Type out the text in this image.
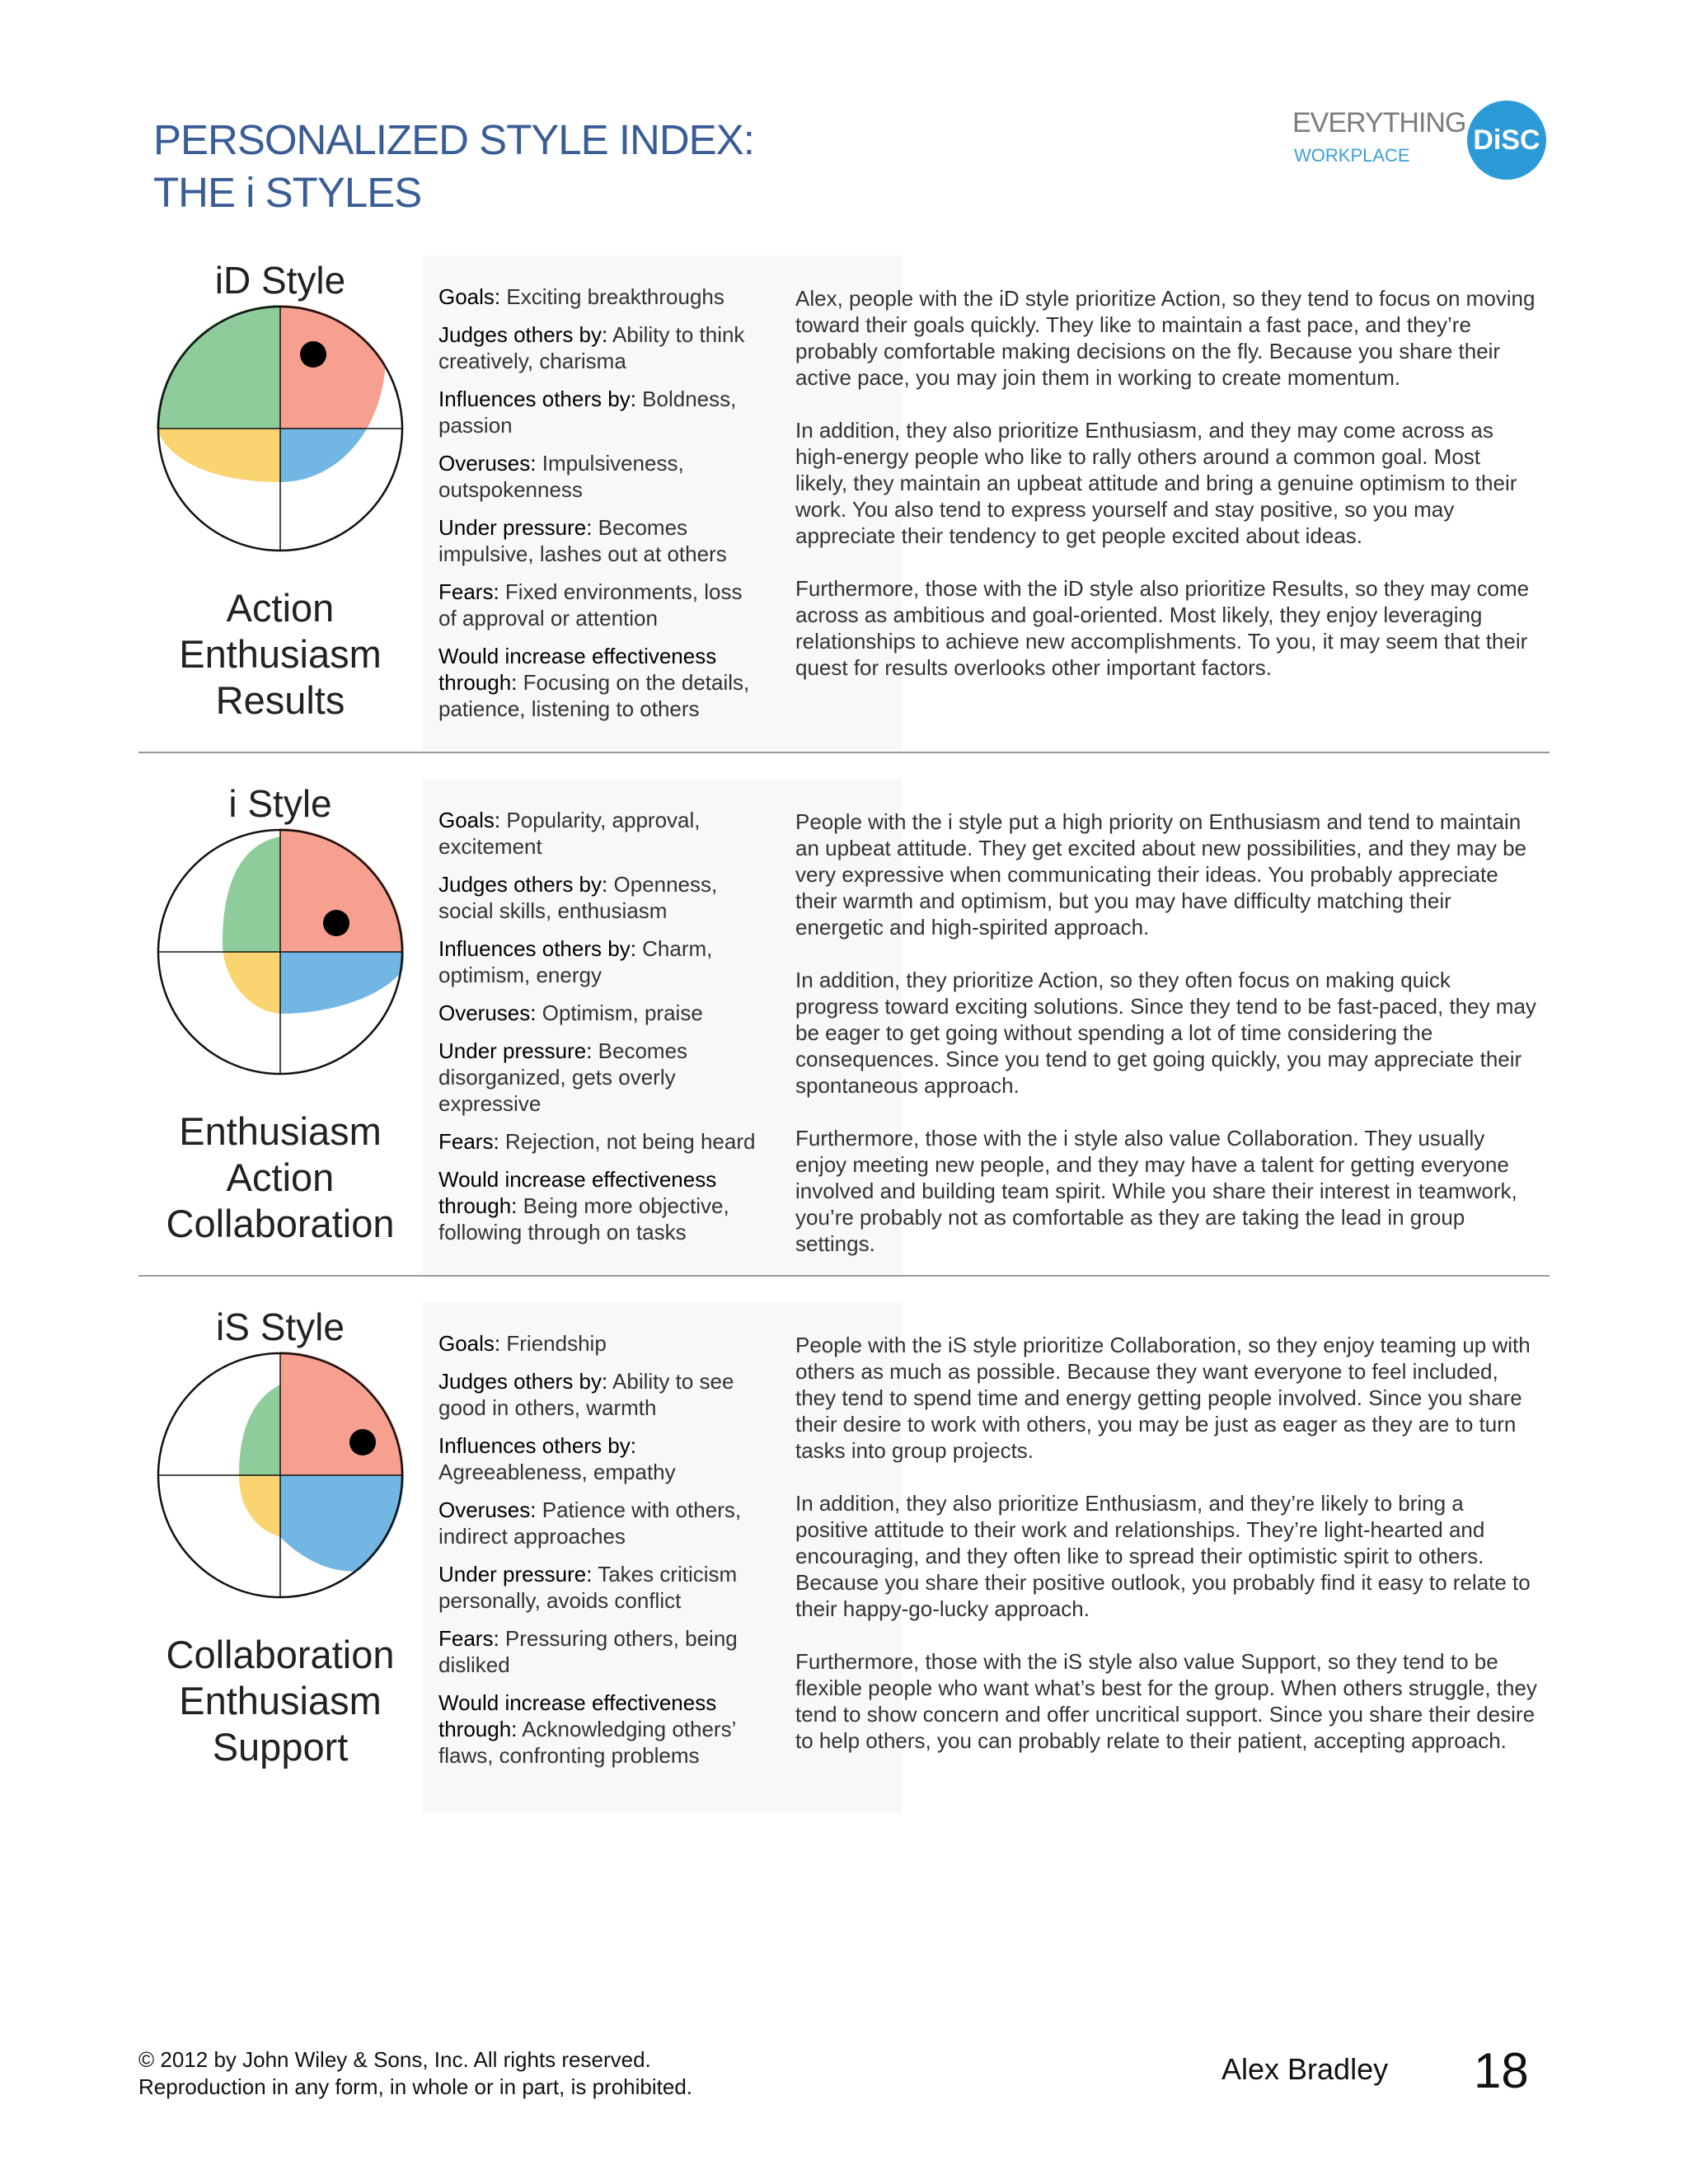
PERSONALIZED STYLE INDEX:
THE i STYLES
EVERYTHING
WORKPLACE DiSC
iD Style
Action
Enthusiasm
Results
Goals: Exciting breakthroughs
Judges others by: Ability to think creatively, charisma
Influences others by: Boldness, passion
Overuses: Impulsiveness, outspokenness
Under pressure: Becomes impulsive, lashes out at others
Fears: Fixed environments, loss of approval or attention
Would increase effectiveness through: Focusing on the details, patience, listening to others

Alex, people with the iD style prioritize Action, so they tend to focus on moving toward their goals quickly. They like to maintain a fast pace, and they’re probably comfortable making decisions on the fly. Because you share their active pace, you may join them in working to create momentum.

In addition, they also prioritize Enthusiasm, and they may come across as high-energy people who like to rally others around a common goal. Most likely, they maintain an upbeat attitude and bring a genuine optimism to their work. You also tend to express yourself and stay positive, so you may appreciate their tendency to get people excited about ideas.

Furthermore, those with the iD style also prioritize Results, so they may come across as ambitious and goal-oriented. Most likely, they enjoy leveraging relationships to achieve new accomplishments. To you, it may seem that their quest for results overlooks other important factors.

i Style
Enthusiasm
Action
Collaboration
Goals: Popularity, approval, excitement
Judges others by: Openness, social skills, enthusiasm
Influences others by: Charm, optimism, energy
Overuses: Optimism, praise
Under pressure: Becomes disorganized, gets overly expressive
Fears: Rejection, not being heard
Would increase effectiveness through: Being more objective, following through on tasks

People with the i style put a high priority on Enthusiasm and tend to maintain an upbeat attitude. They get excited about new possibilities, and they may be very expressive when communicating their ideas. You probably appreciate their warmth and optimism, but you may have difficulty matching their energetic and high-spirited approach.

In addition, they prioritize Action, so they often focus on making quick progress toward exciting solutions. Since they tend to be fast-paced, they may be eager to get going without spending a lot of time considering the consequences. Since you tend to get going quickly, you may appreciate their spontaneous approach.

Furthermore, those with the i style also value Collaboration. They usually enjoy meeting new people, and they may have a talent for getting everyone involved and building team spirit. While you share their interest in teamwork, you’re probably not as comfortable as they are taking the lead in group settings.

iS Style
Collaboration
Enthusiasm
Support
Goals: Friendship
Judges others by: Ability to see good in others, warmth
Influences others by: Agreeableness, empathy
Overuses: Patience with others, indirect approaches
Under pressure: Takes criticism personally, avoids conflict
Fears: Pressuring others, being disliked
Would increase effectiveness through: Acknowledging others’ flaws, confronting problems

People with the iS style prioritize Collaboration, so they enjoy teaming up with others as much as possible. Because they want everyone to feel included, they tend to spend time and energy getting people involved. Since you share their desire to work with others, you may be just as eager as they are to turn tasks into group projects.

In addition, they also prioritize Enthusiasm, and they’re likely to bring a positive attitude to their work and relationships. They’re light-hearted and encouraging, and they often like to spread their optimistic spirit to others. Because you share their positive outlook, you probably find it easy to relate to their happy-go-lucky approach.

Furthermore, those with the iS style also value Support, so they tend to be flexible people who want what’s best for the group. When others struggle, they tend to show concern and offer uncritical support. Since you share their desire to help others, you can probably relate to their patient, accepting approach.

© 2012 by John Wiley & Sons, Inc. All rights reserved.
Reproduction in any form, in whole or in part, is prohibited.
Alex Bradley 18
